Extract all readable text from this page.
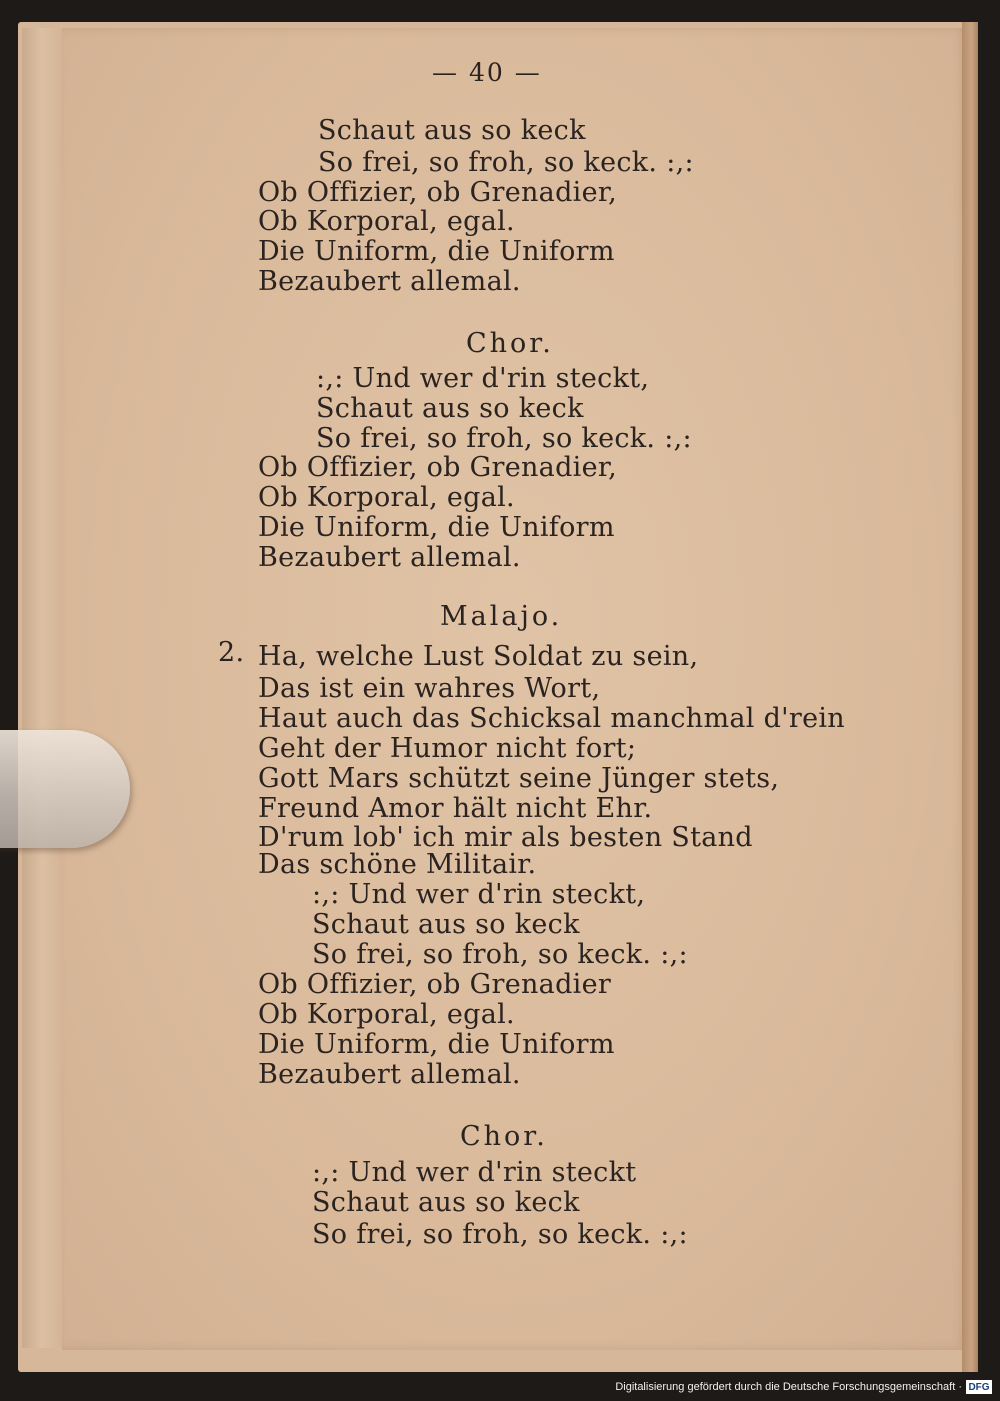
— 40 —
Schaut aus so keck
So frei, so froh, so keck. :,:
Ob Offizier, ob Grenadier,
Ob Korporal, egal.
Die Uniform, die Uniform
Bezaubert allemal.
Chor.
:,: Und wer d'rin steckt,
Schaut aus so keck
So frei, so froh, so keck. :,:
Ob Offizier, ob Grenadier,
Ob Korporal, egal.
Die Uniform, die Uniform
Bezaubert allemal.
Malajo.
2. Ha, welche Lust Soldat zu sein,
Das ist ein wahres Wort,
Haut auch das Schicksal manchmal d'rein
Geht der Humor nicht fort;
Gott Mars schützt seine Jünger stets,
Freund Amor hält nicht Ehr.
D'rum lob' ich mir als besten Stand
Das schöne Militair.
:,: Und wer d'rin steckt,
Schaut aus so keck
So frei, so froh, so keck. :,:
Ob Offizier, ob Grenadier
Ob Korporal, egal.
Die Uniform, die Uniform
Bezaubert allemal.
Chor.
:,: Und wer d'rin steckt
Schaut aus so keck
So frei, so froh, so keck. :,:
Digitalisierung gefördert durch die Deutsche Forschungsgemeinschaft · DFG
